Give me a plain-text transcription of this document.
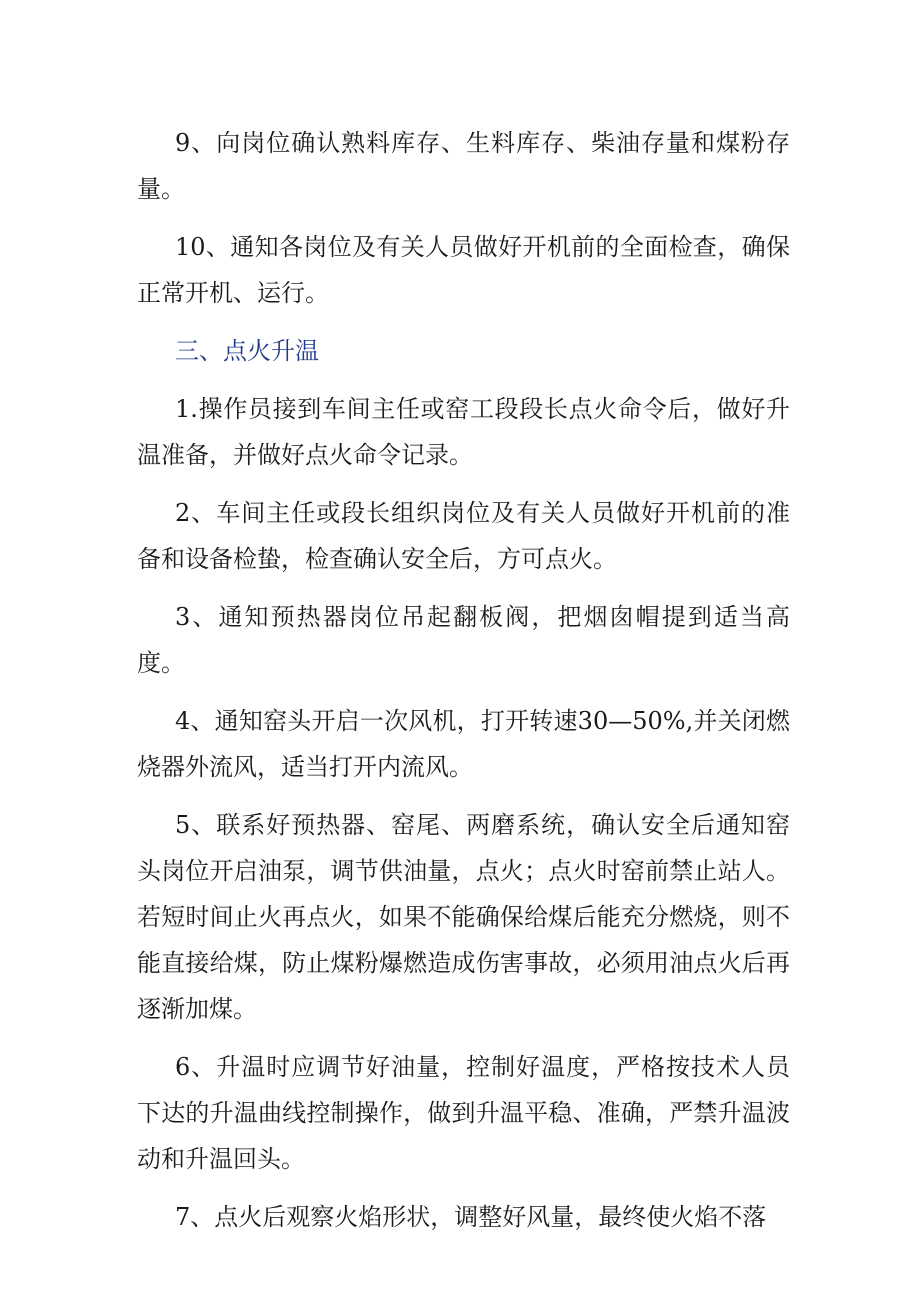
9、向岗位确认熟料库存、生料库存、柴油存量和煤粉存量。

10、通知各岗位及有关人员做好开机前的全面检查，确保正常开机、运行。

三、点火升温

1.操作员接到车间主任或窑工段段长点火命令后，做好升温准备，并做好点火命令记录。

2、车间主任或段长组织岗位及有关人员做好开机前的准备和设备检蛰，检查确认安全后，方可点火。

3、通知预热器岗位吊起翻板阀，把烟囱帽提到适当高度。

4、通知窑头开启一次风机，打开转速30—50%,并关闭燃烧器外流风，适当打开内流风。

5、联系好预热器、窑尾、两磨系统，确认安全后通知窑头岗位开启油泵，调节供油量，点火；点火时窑前禁止站人。若短时间止火再点火，如果不能确保给煤后能充分燃烧，则不能直接给煤，防止煤粉爆燃造成伤害事故，必须用油点火后再逐渐加煤。

6、升温时应调节好油量，控制好温度，严格按技术人员下达的升温曲线控制操作，做到升温平稳、准确，严禁升温波动和升温回头。

7、点火后观察火焰形状，调整好风量，最终使火焰不落
